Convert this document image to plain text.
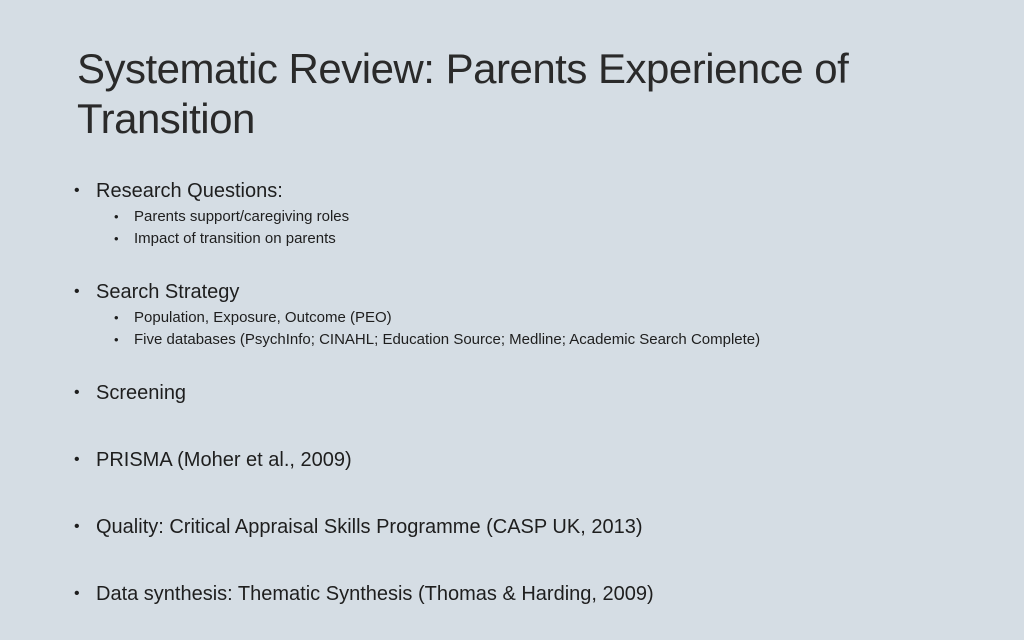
Systematic Review: Parents Experience of Transition
• Research Questions:
• Parents support/caregiving roles
• Impact of transition on parents
• Search Strategy
• Population, Exposure, Outcome (PEO)
• Five databases (PsychInfo; CINAHL; Education Source; Medline; Academic Search Complete)
• Screening
• PRISMA (Moher et al., 2009)
• Quality: Critical Appraisal Skills Programme (CASP UK, 2013)
• Data synthesis: Thematic Synthesis (Thomas & Harding, 2009)
